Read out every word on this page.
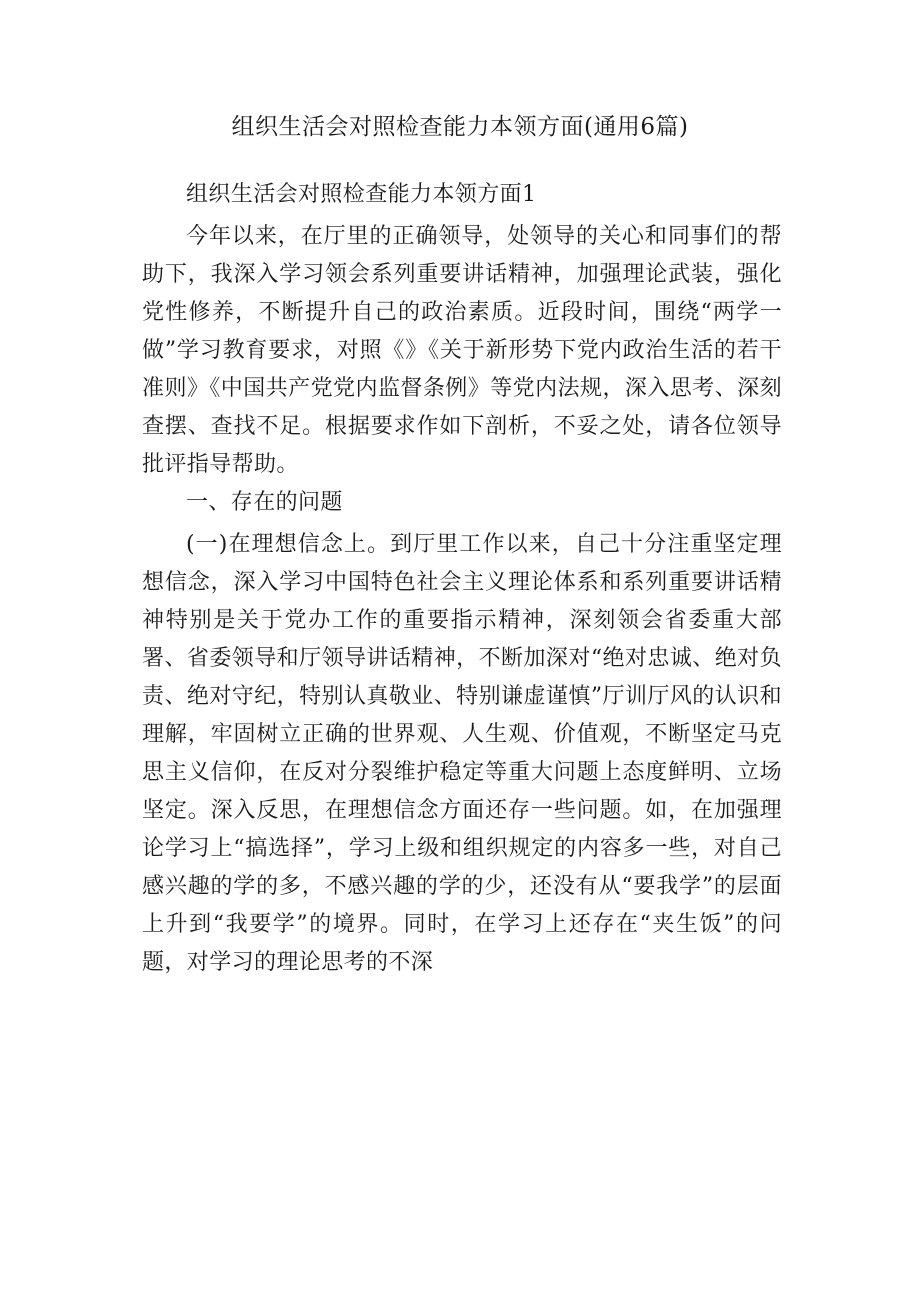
组织生活会对照检查能力本领方面(通用6篇)

组织生活会对照检查能力本领方面1

今年以来，在厅里的正确领导，处领导的关心和同事们的帮助下，我深入学习领会系列重要讲话精神，加强理论武装，强化党性修养，不断提升自己的政治素质。近段时间，围绕“两学一做”学习教育要求，对照《》《关于新形势下党内政治生活的若干准则》《中国共产党党内监督条例》等党内法规，深入思考、深刻查摆、查找不足。根据要求作如下剖析，不妥之处，请各位领导批评指导帮助。

一、存在的问题

(一)在理想信念上。到厅里工作以来，自己十分注重坚定理想信念，深入学习中国特色社会主义理论体系和系列重要讲话精神特别是关于党办工作的重要指示精神，深刻领会省委重大部署、省委领导和厅领导讲话精神，不断加深对“绝对忠诚、绝对负责、绝对守纪，特别认真敬业、特别谦虚谨慎”厅训厅风的认识和理解，牢固树立正确的世界观、人生观、价值观，不断坚定马克思主义信仰，在反对分裂维护稳定等重大问题上态度鲜明、立场坚定。深入反思，在理想信念方面还存一些问题。如，在加强理论学习上“搞选择”，学习上级和组织规定的内容多一些，对自己感兴趣的学的多，不感兴趣的学的少，还没有从“要我学”的层面上升到“我要学”的境界。同时，在学习上还存在“夹生饭”的问题，对学习的理论思考的不深
